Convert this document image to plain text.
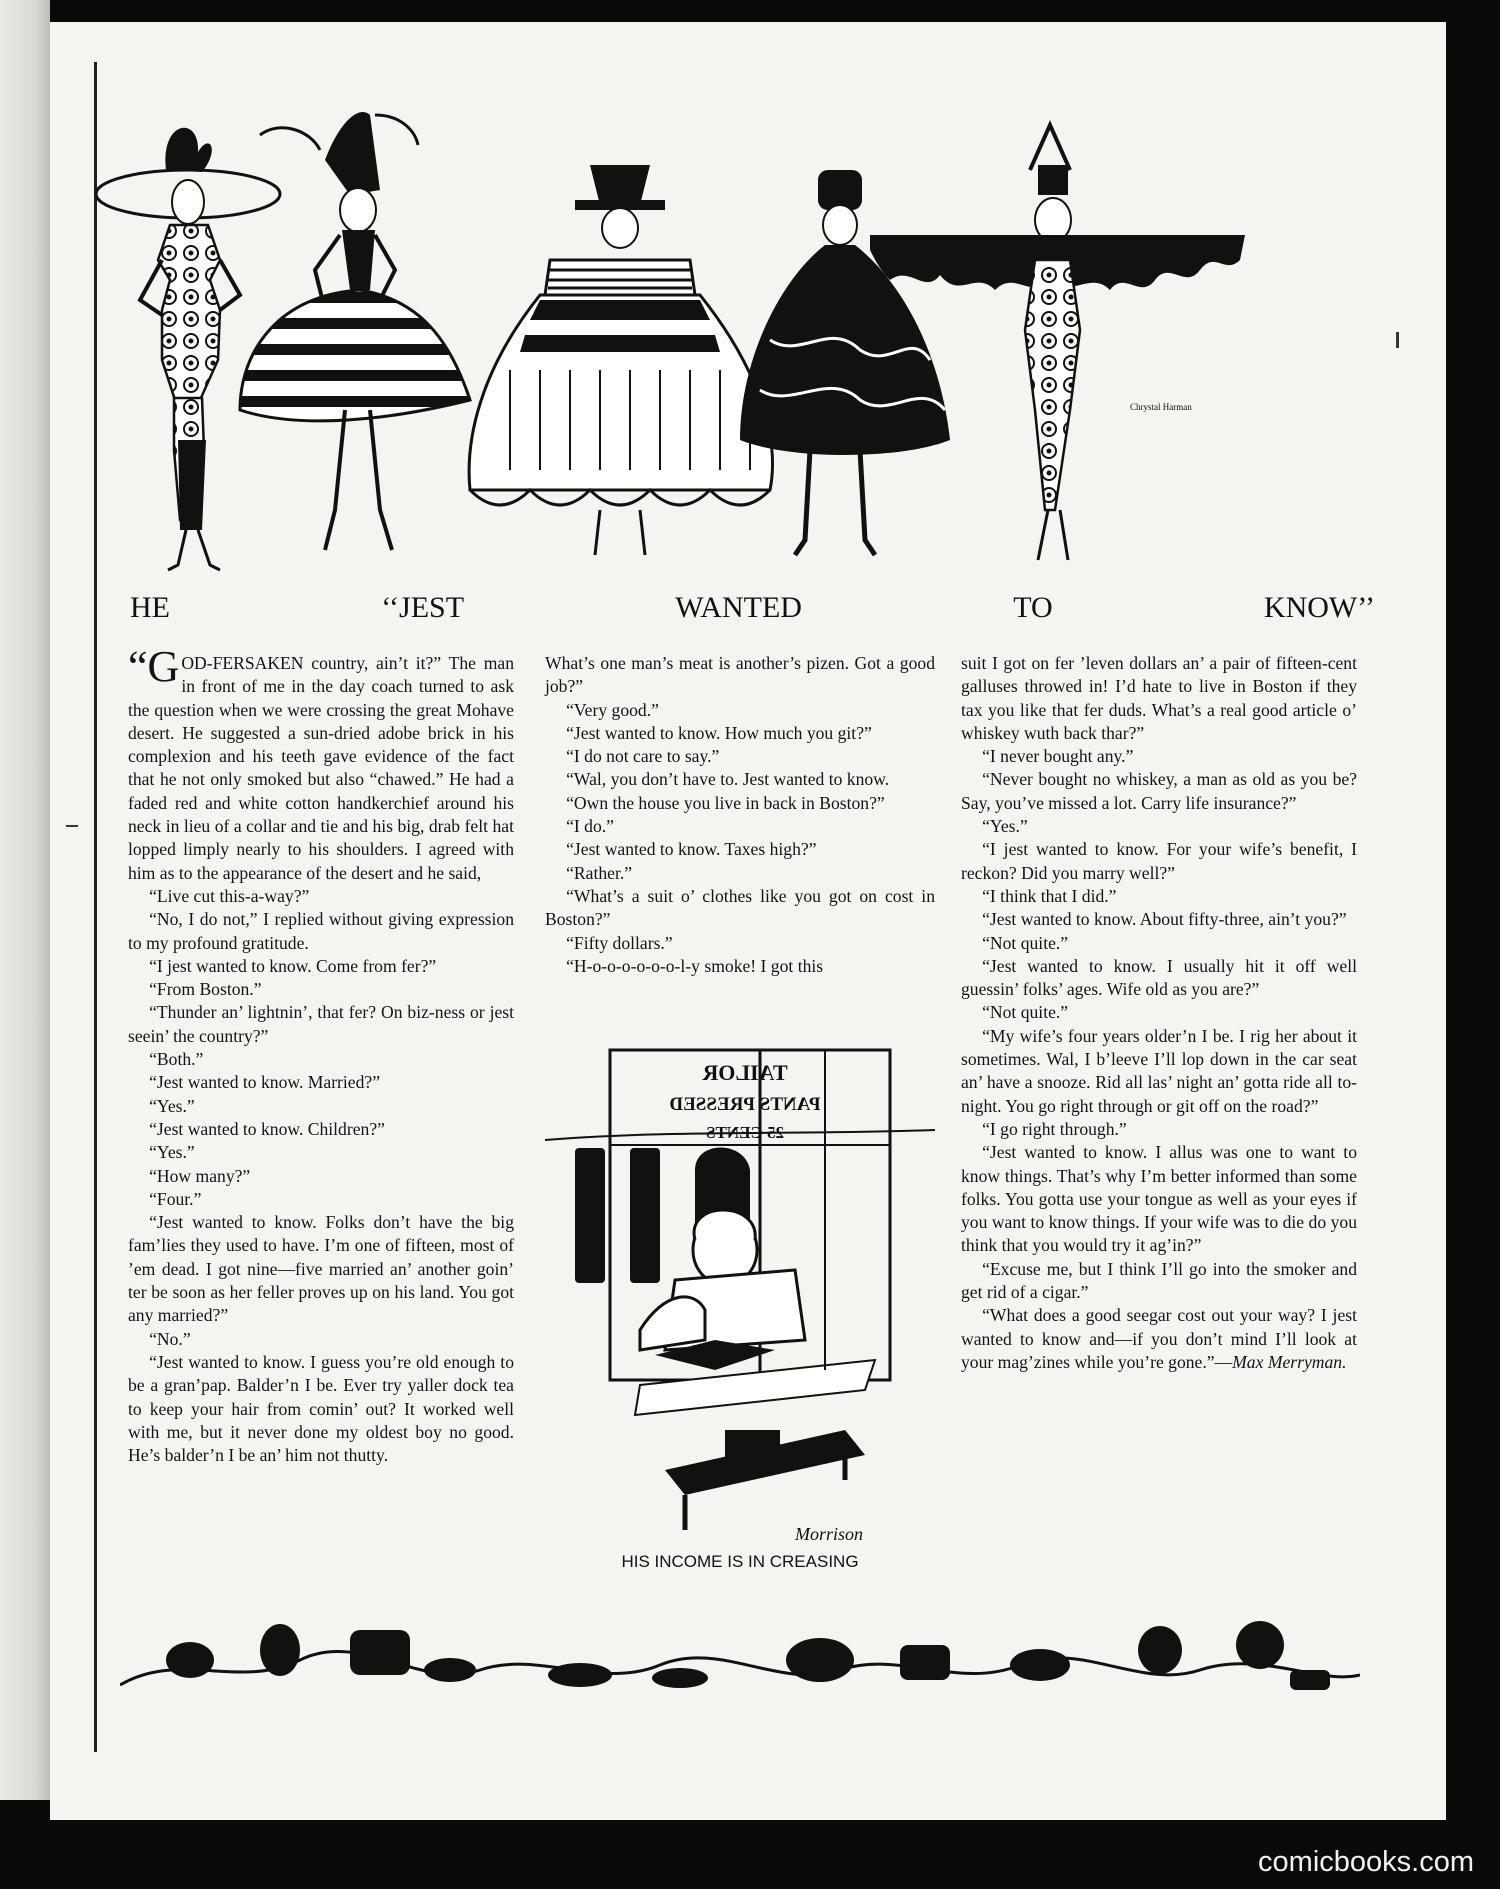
Chrystal Harman
HE	‘‘JEST	WANTED	TO	KNOW’’

“GOD-FERSAKEN country, ain’t it?” The man in front of me in the day coach turned to ask the question when we were crossing the great Mohave desert. He suggested a sun-dried adobe brick in his complexion and his teeth gave evidence of the fact that he not only smoked but also “chawed.” He had a faded red and white cotton handkerchief around his neck in lieu of a collar and tie and his big, drab felt hat lopped limply nearly to his shoulders. I agreed with him as to the appearance of the desert and he said,

“Live cut this-a-way?”

“No, I do not,” I replied without giving expression to my profound gratitude.

“I jest wanted to know. Come from fer?”

“From Boston.”

“Thunder an’ lightnin’, that fer? On biz-ness or jest seein’ the country?”

“Both.”

“Jest wanted to know. Married?”

“Yes.”

“Jest wanted to know. Children?”

“Yes.”

“How many?”

“Four.”

“Jest wanted to know. Folks don’t have the big fam’lies they used to have. I’m one of fifteen, most of ’em dead. I got nine—five married an’ another goin’ ter be soon as her feller proves up on his land. You got any married?”

“No.”

“Jest wanted to know. I guess you’re old enough to be a gran’pap. Balder’n I be. Ever try yaller dock tea to keep your hair from comin’ out? It worked well with me, but it never done my oldest boy no good. He’s balder’n I be an’ him not thutty.

What’s one man’s meat is another’s pizen. Got a good job?”

“Very good.”

“Jest wanted to know. How much you git?”

“I do not care to say.”

“Wal, you don’t have to. Jest wanted to know.

“Own the house you live in back in Boston?”

“I do.”

“Jest wanted to know. Taxes high?”

“Rather.”

“What’s a suit o’ clothes like you got on cost in Boston?”

“Fifty dollars.”

“H-o-o-o-o-o-o-l-y smoke! I got this

suit I got on fer ’leven dollars an’ a pair of fifteen-cent galluses throwed in! I’d hate to live in Boston if they tax you like that fer duds. What’s a real good article o’ whiskey wuth back thar?”

“I never bought any.”

“Never bought no whiskey, a man as old as you be? Say, you’ve missed a lot. Carry life insurance?”

“Yes.”

“I jest wanted to know. For your wife’s benefit, I reckon? Did you marry well?”

“I think that I did.”

“Jest wanted to know. About fifty-three, ain’t you?”

“Not quite.”

“Jest wanted to know. I usually hit it off well guessin’ folks’ ages. Wife old as you are?”

“Not quite.”

“My wife’s four years older’n I be. I rig her about it sometimes. Wal, I b’leeve I’ll lop down in the car seat an’ have a snooze. Rid all las’ night an’ gotta ride all to-night. You go right through or git off on the road?”

“I go right through.”

“Jest wanted to know. I allus was one to want to know things. That’s why I’m better informed than some folks. You gotta use your tongue as well as your eyes if you want to know things. If your wife was to die do you think that you would try it ag’in?”

“Excuse me, but I think I’ll go into the smoker and get rid of a cigar.”

“What does a good seegar cost out your way? I jest wanted to know and—if you don’t mind I’ll look at your mag’zines while you’re gone.”—Max Merryman.

TAILOR
PANTS PRESSED
25 CENTS
Morrison
HIS INCOME IS IN CREASING
comicbooks.com
